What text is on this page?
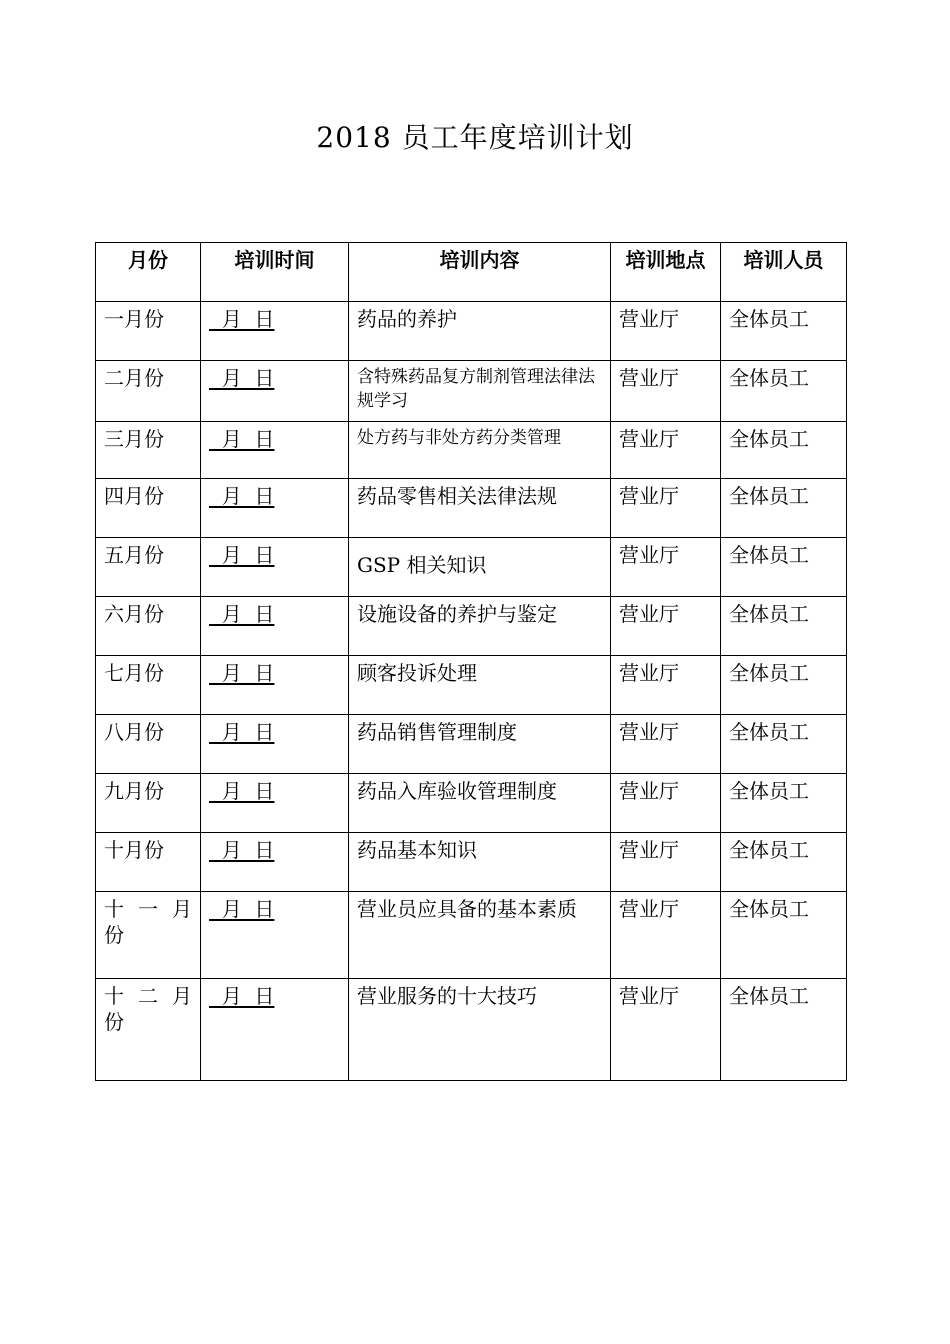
2018 员工年度培训计划
月份	培训时间	培训内容	培训地点	培训人员

一月份	月  日	药品的养护	营业厅	全体员工

二月份	月  日	含特殊药品复方制剂管理法律法规学习	营业厅	全体员工

三月份	月  日	处方药与非处方药分类管理	营业厅	全体员工

四月份	月  日	药品零售相关法律法规	营业厅	全体员工

五月份	月  日	GSP 相关知识	营业厅	全体员工

六月份	月  日	设施设备的养护与鉴定	营业厅	全体员工

七月份	月  日	顾客投诉处理	营业厅	全体员工

八月份	月  日	药品销售管理制度	营业厅	全体员工

九月份	月  日	药品入库验收管理制度	营业厅	全体员工

十月份	月  日	药品基本知识	营业厅	全体员工

十 一 月份	月  日	营业员应具备的基本素质	营业厅	全体员工

十 二 月份	月  日	营业服务的十大技巧	营业厅	全体员工
